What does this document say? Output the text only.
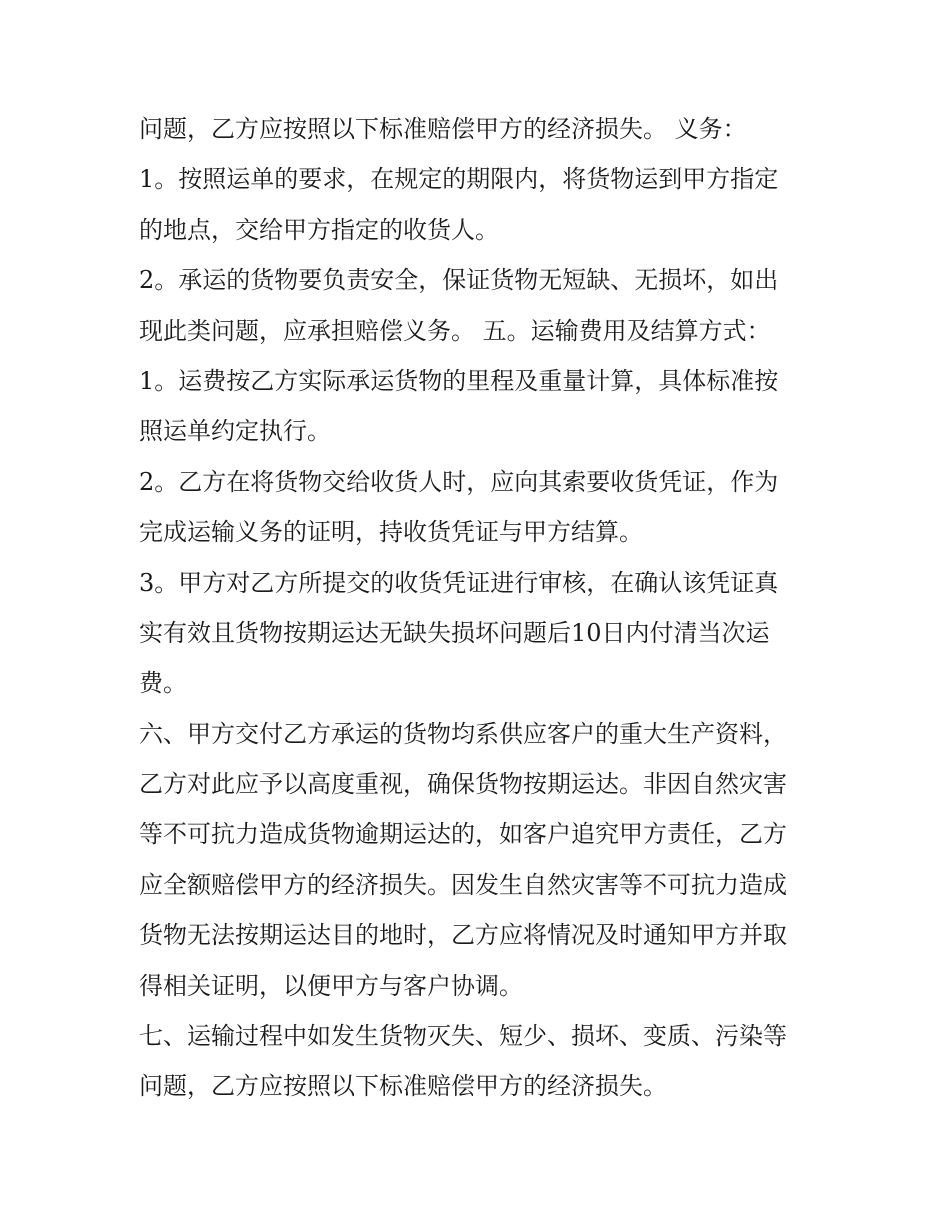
问题，乙方应按照以下标准赔偿甲方的经济损失。 义务：

1。按照运单的要求，在规定的期限内，将货物运到甲方指定
的地点，交给甲方指定的收货人。

2。承运的货物要负责安全，保证货物无短缺、无损坏，如出
现此类问题，应承担赔偿义务。 五。运输费用及结算方式：

1。运费按乙方实际承运货物的里程及重量计算，具体标准按
照运单约定执行。

2。乙方在将货物交给收货人时，应向其索要收货凭证，作为
完成运输义务的证明，持收货凭证与甲方结算。

3。甲方对乙方所提交的收货凭证进行审核，在确认该凭证真
实有效且货物按期运达无缺失损坏问题后10日内付清当次运
费。

六、甲方交付乙方承运的货物均系供应客户的重大生产资料，
乙方对此应予以高度重视，确保货物按期运达。非因自然灾害
等不可抗力造成货物逾期运达的，如客户追究甲方责任，乙方
应全额赔偿甲方的经济损失。因发生自然灾害等不可抗力造成
货物无法按期运达目的地时，乙方应将情况及时通知甲方并取
得相关证明，以便甲方与客户协调。

七、运输过程中如发生货物灭失、短少、损坏、变质、污染等
问题，乙方应按照以下标准赔偿甲方的经济损失。
